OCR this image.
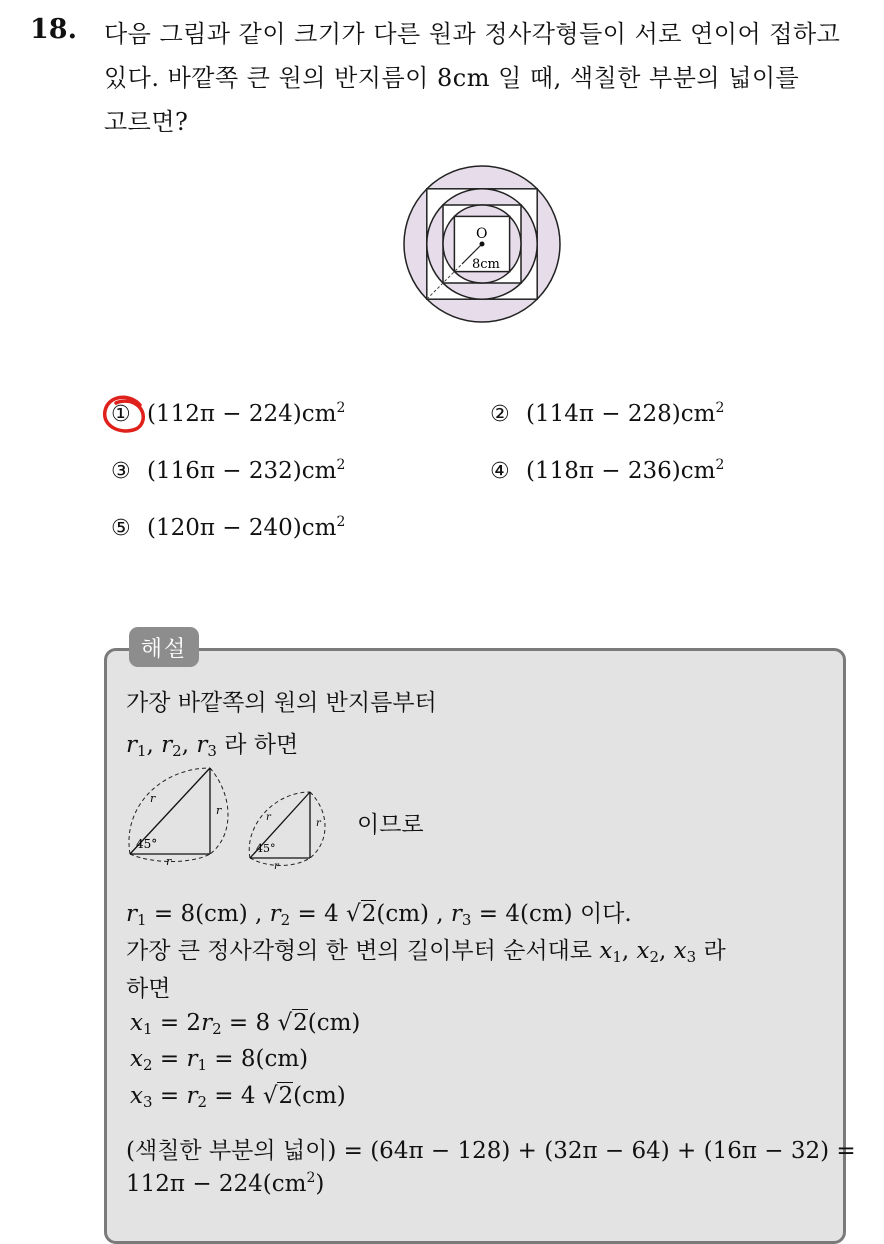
18. 다음 그림과 같이 크기가 다른 원과 정사각형들이 서로 연이어 접하고
있다. 바깥쪽 큰 원의 반지름이 8cm 일 때, 색칠한 부분의 넓이를
고르면?
O
8cm
① $(112\pi - 224)cm^2$	② $(114\pi - 228)cm^2$
③ $(116\pi - 232)cm^2$	④ $(118\pi - 236)cm^2$
⑤ $(120\pi - 240)cm^2$
해설
가장 바깥쪽의 원의 반지름부터
$r_1$, $r_2$, $r_3$ 라 하면
45°
r
r
r
45°
r
r
r
이므로
$r_1 = 8(cm)$ , $r_2 = 4$ √2(cm) , $r_3 = 4(cm)$ 이다.
가장 큰 정사각형의 한 변의 길이부터 순서대로 $x_1$, $x_2$, $x_3$ 라
하면
$x_1 = 2r_2 = 8$ √2(cm)
$x_2 = r_1 = 8(cm)$
$x_3 = r_2 = 4$ √2(cm)
(색칠한 부분의 넓이) = (64π − 128) + (32π − 64) + (16π − 32) =
$112\pi - 224(cm^2)$
